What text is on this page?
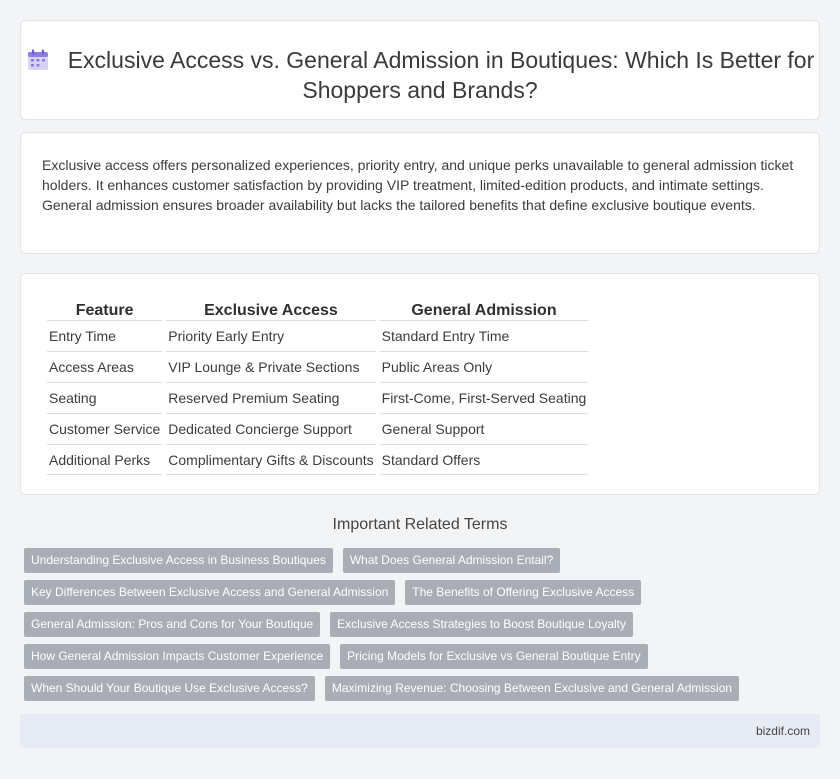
Exclusive Access vs. General Admission in Boutiques: Which Is Better for Shoppers and Brands?

Exclusive access offers personalized experiences, priority entry, and unique perks unavailable to general admission ticket holders. It enhances customer satisfaction by providing VIP treatment, limited-edition products, and intimate settings. General admission ensures broader availability but lacks the tailored benefits that define exclusive boutique events.

Feature	Exclusive Access	General Admission
Entry Time	Priority Early Entry	Standard Entry Time
Access Areas	VIP Lounge & Private Sections	Public Areas Only
Seating	Reserved Premium Seating	First-Come, First-Served Seating
Customer Service	Dedicated Concierge Support	General Support
Additional Perks	Complimentary Gifts & Discounts	Standard Offers
Important Related Terms
Understanding Exclusive Access in Business Boutiques What Does General Admission Entail?
Key Differences Between Exclusive Access and General Admission The Benefits of Offering Exclusive Access
General Admission: Pros and Cons for Your Boutique Exclusive Access Strategies to Boost Boutique Loyalty
How General Admission Impacts Customer Experience Pricing Models for Exclusive vs General Boutique Entry
When Should Your Boutique Use Exclusive Access? Maximizing Revenue: Choosing Between Exclusive and General Admission
bizdif.com
